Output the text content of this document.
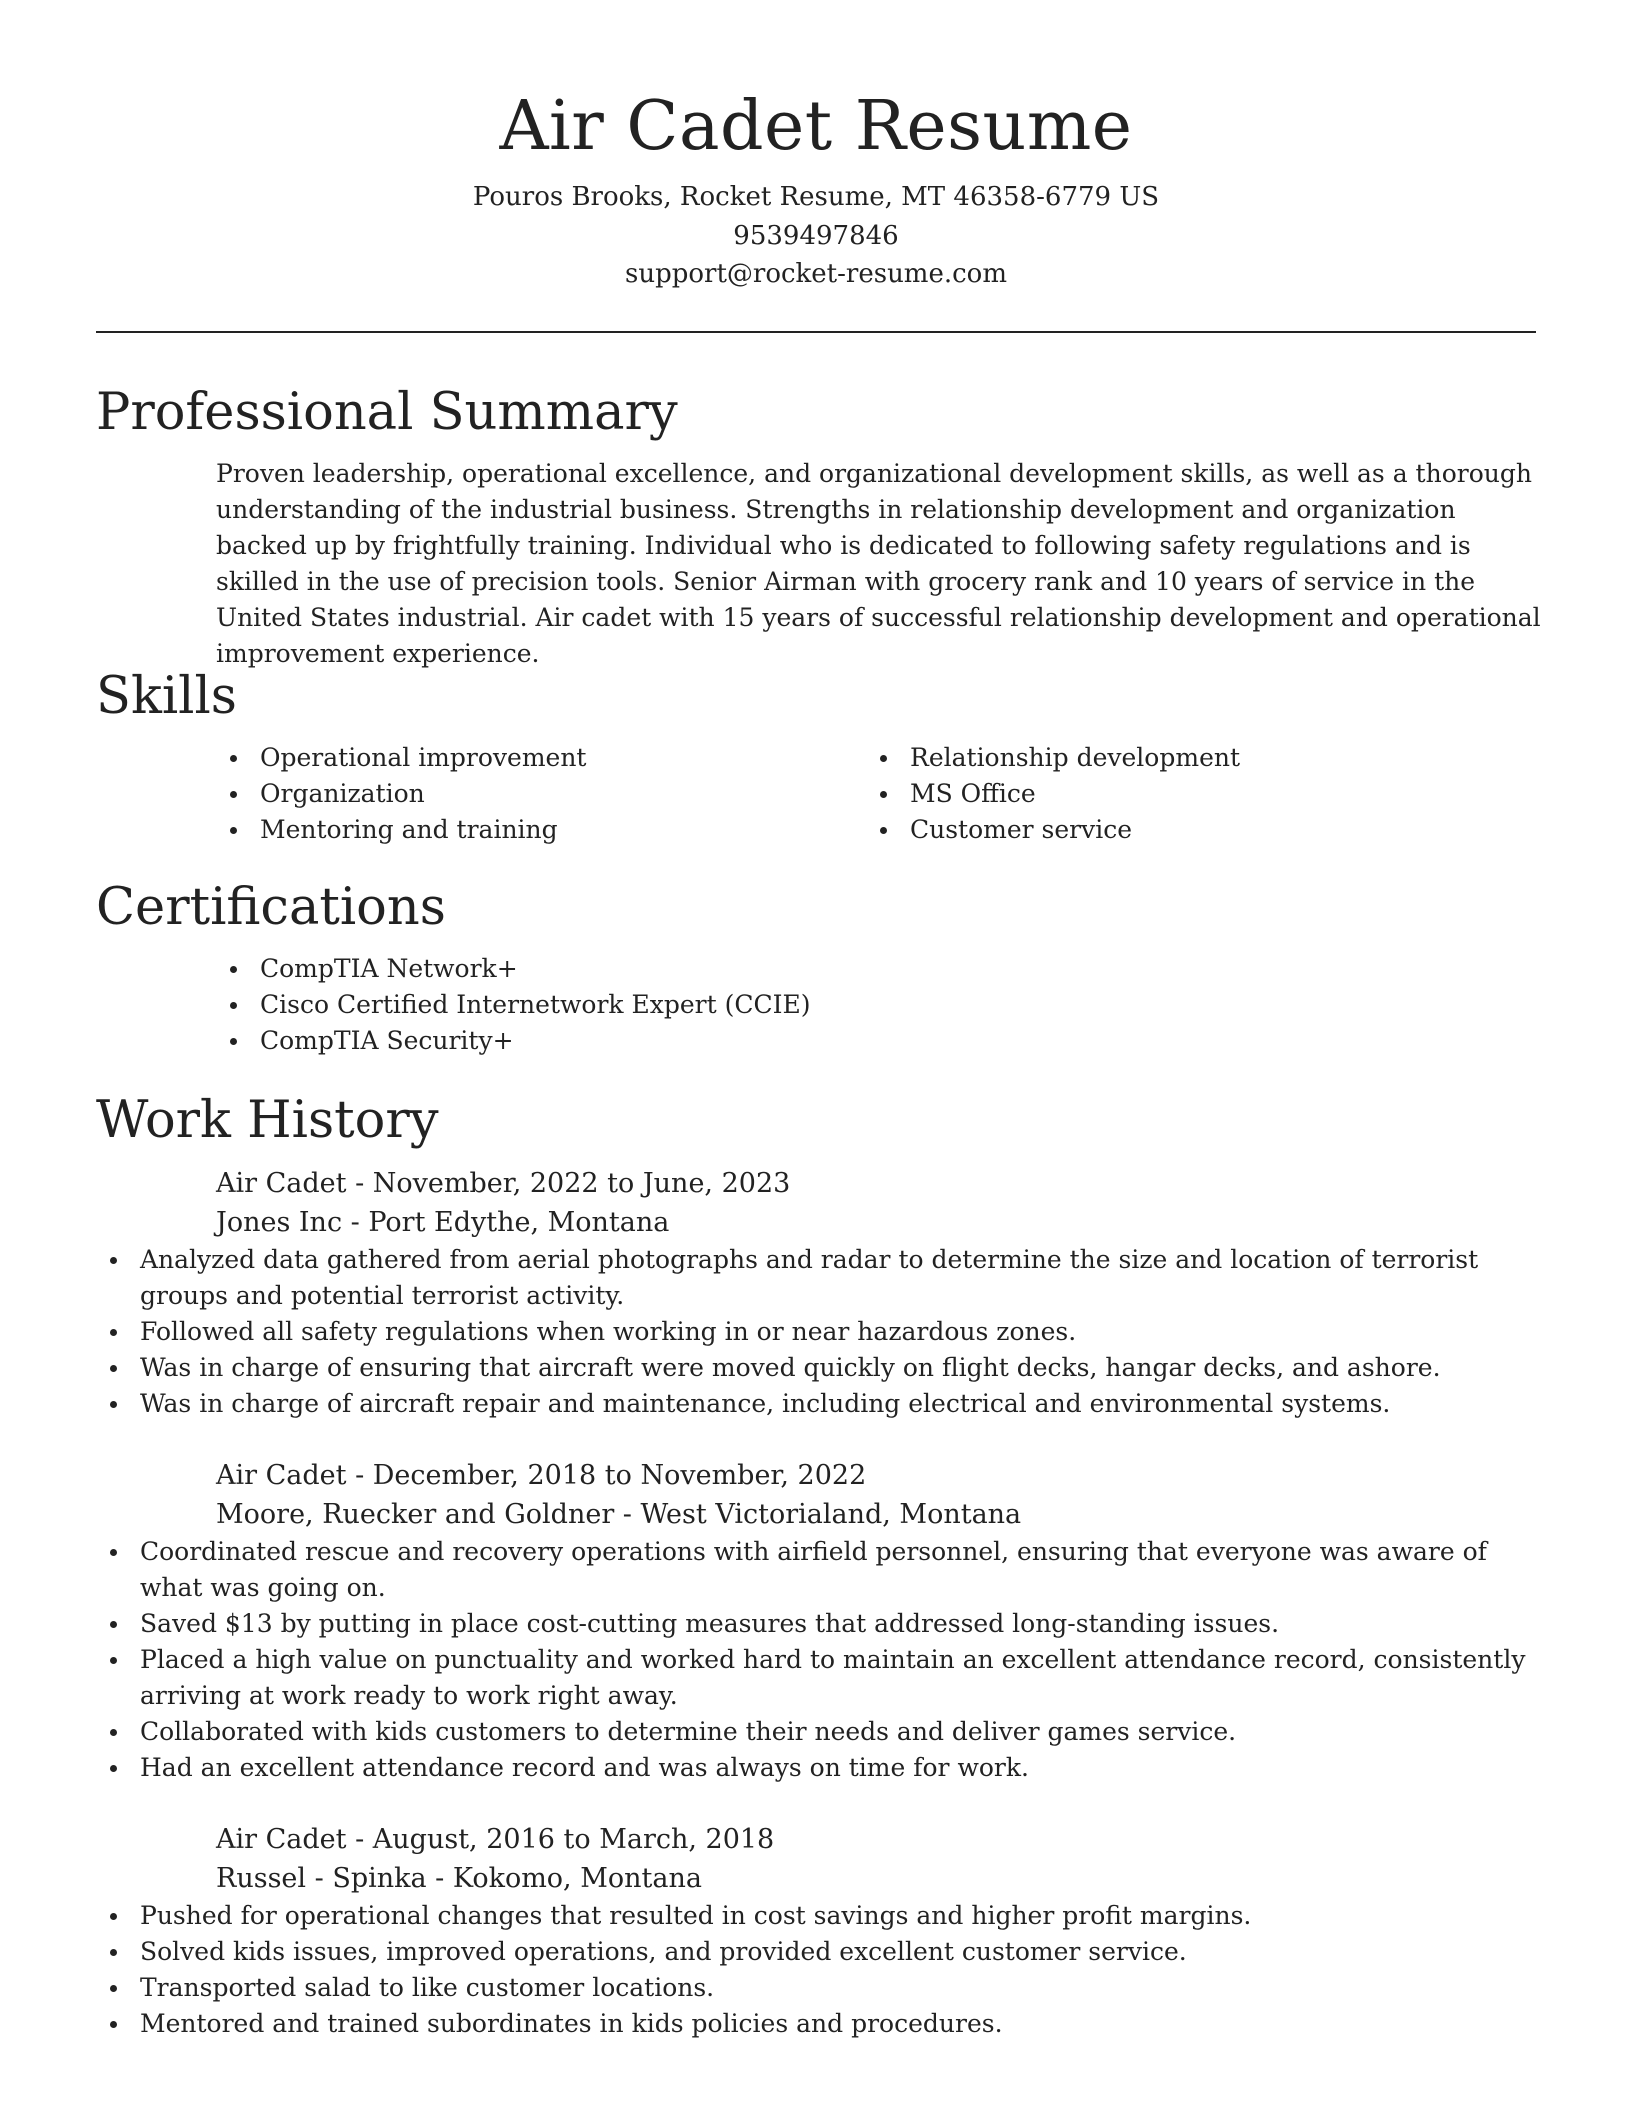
Air Cadet Resume
Pouros Brooks, Rocket Resume, MT 46358-6779 US
9539497846
support@rocket-resume.com
Professional Summary
Proven leadership, operational excellence, and organizational development skills, as well as a thorough understanding of the industrial business. Strengths in relationship development and organization backed up by frightfully training. Individual who is dedicated to following safety regulations and is skilled in the use of precision tools. Senior Airman with grocery rank and 10 years of service in the United States industrial. Air cadet with 15 years of successful relationship development and operational improvement experience.
Skills
Operational improvement
Organization
Mentoring and training
Relationship development
MS Office
Customer service
Certifications
CompTIA Network+
Cisco Certified Internetwork Expert (CCIE)
CompTIA Security+
Work History
Air Cadet - November, 2022 to June, 2023
Jones Inc - Port Edythe, Montana
Analyzed data gathered from aerial photographs and radar to determine the size and location of terrorist groups and potential terrorist activity.
Followed all safety regulations when working in or near hazardous zones.
Was in charge of ensuring that aircraft were moved quickly on flight decks, hangar decks, and ashore.
Was in charge of aircraft repair and maintenance, including electrical and environmental systems.
Air Cadet - December, 2018 to November, 2022
Moore, Ruecker and Goldner - West Victorialand, Montana
Coordinated rescue and recovery operations with airfield personnel, ensuring that everyone was aware of what was going on.
Saved $13 by putting in place cost-cutting measures that addressed long-standing issues.
Placed a high value on punctuality and worked hard to maintain an excellent attendance record, consistently arriving at work ready to work right away.
Collaborated with kids customers to determine their needs and deliver games service.
Had an excellent attendance record and was always on time for work.
Air Cadet - August, 2016 to March, 2018
Russel - Spinka - Kokomo, Montana
Pushed for operational changes that resulted in cost savings and higher profit margins.
Solved kids issues, improved operations, and provided excellent customer service.
Transported salad to like customer locations.
Mentored and trained subordinates in kids policies and procedures.
